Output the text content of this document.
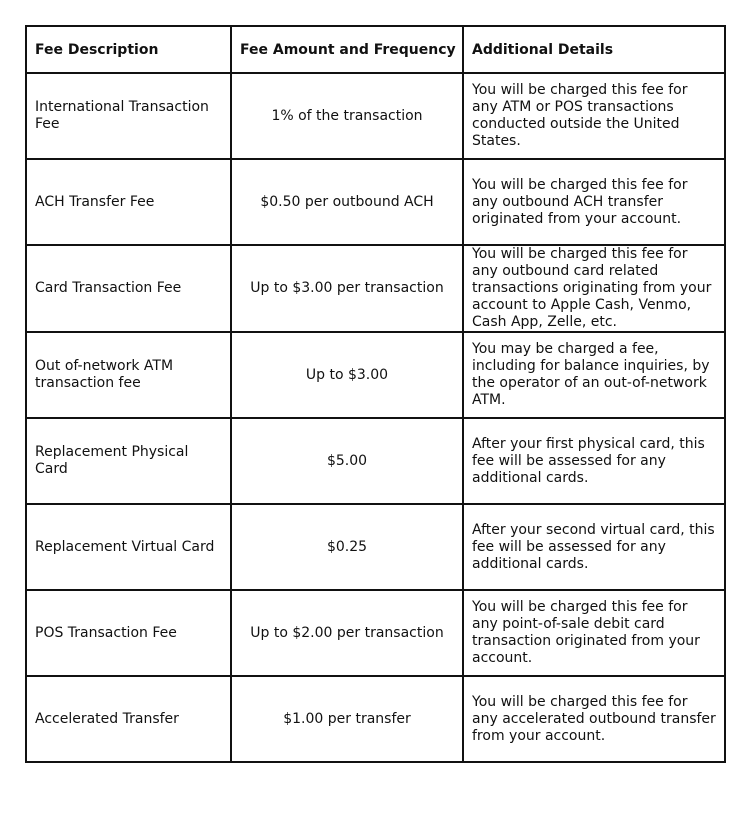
Fee Description	Fee Amount and Frequency	Additional Details
International Transaction Fee	1% of the transaction	You will be charged this fee for any ATM or POS transactions conducted outside the United States.
ACH Transfer Fee	$0.50 per outbound ACH	You will be charged this fee for any outbound ACH transfer originated from your account.
Card Transaction Fee	Up to $3.00 per transaction	You will be charged this fee for any outbound card related transactions originating from your account to Apple Cash, Venmo, Cash App, Zelle, etc.
Out of-network ATM transaction fee	Up to $3.00	You may be charged a fee, including for balance inquiries, by the operator of an out-of-network ATM.
Replacement Physical Card	$5.00	After your first physical card, this fee will be assessed for any additional cards.
Replacement Virtual Card	$0.25	After your second virtual card, this fee will be assessed for any additional cards.
POS Transaction Fee	Up to $2.00 per transaction	You will be charged this fee for any point-of-sale debit card transaction originated from your account.
Accelerated Transfer	$1.00 per transfer	You will be charged this fee for any accelerated outbound transfer from your account.
